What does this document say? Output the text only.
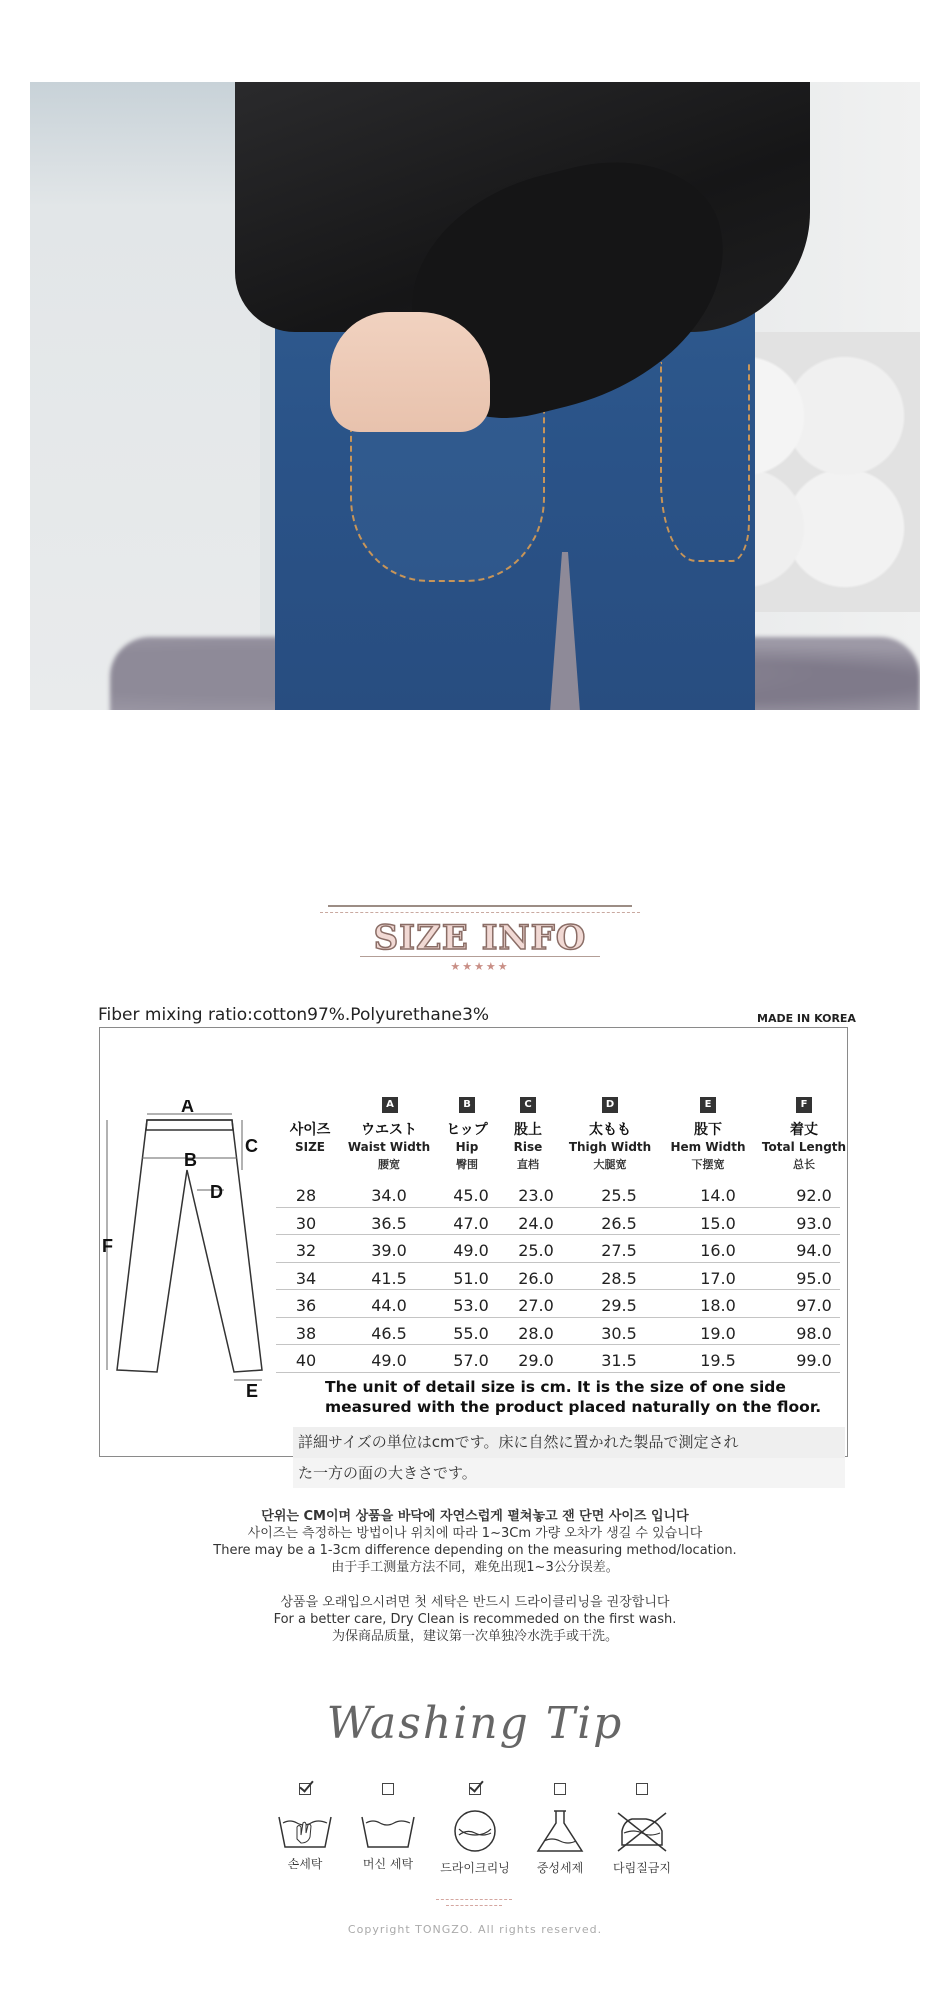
SIZE INFO
★★★★★
Fiber mixing ratio:cotton97%.Polyurethane3%	MADE IN KOREA
A
B
C
D
E
F
사이즈
SIZE
A	B	C	D	E	F
ウエスト	ヒップ	股上	太もも	股下	着丈
Waist Width	Hip	Rise	Thigh Width	Hem Width	Total Length
腰宽	臀围	直档	大腿宽	下摆宽	总长
28	34.0	45.0	23.0	25.5	14.0	92.0
30	36.5	47.0	24.0	26.5	15.0	93.0
32	39.0	49.0	25.0	27.5	16.0	94.0
34	41.5	51.0	26.0	28.5	17.0	95.0
36	44.0	53.0	27.0	29.5	18.0	97.0
38	46.5	55.0	28.0	30.5	19.0	98.0
40	49.0	57.0	29.0	31.5	19.5	99.0
The unit of detail size is cm. It is the size of one side measured with the product placed naturally on the floor.
詳細サイズの単位はcmです。床に自然に置かれた製品で測定され
た一方の面の大きさです。
단위는 CM이며 상품을 바닥에 자연스럽게 펼쳐놓고 잰 단면 사이즈 입니다
사이즈는 측정하는 방법이나 위치에 따라 1~3Cm 가량 오차가 생길 수 있습니다
There may be a 1-3cm difference depending on the measuring method/location.
由于手工测量方法不同，难免出现1~3公分误差。
상품을 오래입으시려면 첫 세탁은 반드시 드라이클리닝을 권장합니다
For a better care, Dry Clean is recommeded on the first wash.
为保商品质量，建议第一次单独冷水洗手或干洗。
Washing Tip
손세탁	머신 세탁	드라이크리닝	중성세제	다림질금지
Copyright TONGZO. All rights reserved.
